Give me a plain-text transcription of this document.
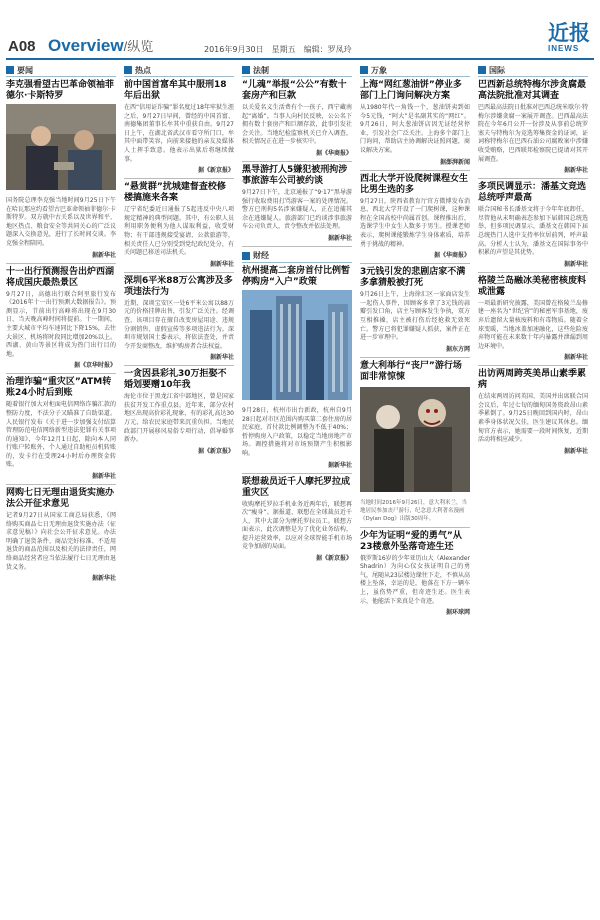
A08 Overview/纵览	2016年9月30日 星期五 编辑：罗凤玲
近报
INEWS
要闻
李克强看望古巴革命领袖菲德尔·卡斯特罗

国务院总理李克强当地时间9月25日下午在哈瓦那应约看望古巴革命领袖菲德尔·卡斯特罗。双方就中古关系以及世界和平、地区热点、粮食安全等共同关心的广泛议题深入交换意见，进行了长时间交谈。李克强全程陪同。

据新华社
十一出行预测报告出炉西湖将成国庆最热景区

9月27日，高德出行联合阿里旅行发布《2016年十一出行预测大数据报告》。预测显示，节前出行高峰将出现在9月30日，当天晚高峰时间将提前。十一期间，主要大城市平均车速同比下降15%，去往大景区、机场将时段同比增加20%以上。西湖、黄山等景区将成为热门出行目的地。

据《京华时报》
治理诈骗“重灾区”ATM转账24小时后到账

随着银行加大对柜面电信网络诈骗汇款的整防力度，不法分子又瞄准了自助渠道。人民银行发布《关于进一步加强支付结算管理防范电信网络新型违法犯罪有关事项的通知》，今年12月1日起，除向本人同行账户转账外，个人通过自助柜员机转账的，发卡行在受理24小时后办理资金转账。

据新华社
网购七日无理由退货实施办法公开征求意见

记者9月27日从国家工商总局获悉，《网络购买商品七日无理由退货实施办法（征求意见稿）》向社会公开征求意见。办法明确了退货条件、商品完好标准、不适用退货的商品范围以及相关的法律责任，网络商品经营者应当依法履行七日无理由退货义务。

据新华社
热点
前中国首富牟其中服刑18年后出狱

在西“信用证诈骗”罪名度过18年牢狱生涯之后，9月27日早间，曾经的中国首富、南德集团董事长牟其中重获自由。9月27日上午，在湖北省武汉市看守所门口，牟其中面带笑容，向前来接他的亲友及媒体人士挥手致意。他表示出狱后将继续做事。

据《新京报》
“悬赏群”扰城建督查校修楼搞施来各案

辽宁省纪委近日通报了5起违反中央八项规定精神的典型问题。其中，有公职人员利用职务便利为他人谋取利益，收受财物；有干部违规接受宴请、公款旅游等，相关责任人已分别受到党纪政纪处分，有关问题已移送司法机关。

据新华社
深圳6平米88万公寓涉及多项违法行为

近期，深圳宝安区一处6平米公寓以88万元的价格挂牌出售，引发广泛关注。经调查，该项目存在擅自改变房屋用途、违规分割销售、虚假宣传等多项违法行为。深圳市规划国土委表示，将依法查处，并责令开发商整改，维护购房者合法权益。

据新华社
一贪因县彩礼30万拒娶不婚划要赠10年我

海伦市位于黑龙江省中部地区，曾是国家扶贫开发工作重点县。近年来，部分农村地区出现高价彩礼现象，有的彩礼高达30万元，给农民家庭带来沉重负担。当地民政部门开展移风易俗专项行动，倡导婚事新办。

据《新京报》
法制
“儿魂”举报“公公”有数十套房产和巨款

以关爱名义生活费有个一孩子，西宁藏南起“离婚”。当事人向村民反映，公公名下拥有数十套房产和巨额存款，此事引发社会关注。当地纪检监察机关已介入调查，相关情况正在进一步核实中。

据《华商报》
黑导游打人5嫌犯被刑拘涉事旅游车公司被约谈

9月27日下午，北京通报了“9·17”黑导游强行收取费用打骂游客一案的处理情况。警方已刑拘5名涉案嫌疑人，正在追捕其余在逃嫌疑人。旅游部门已约谈涉事旅游车公司负责人，责令整改并依法处理。

据新华社
财经
杭州提高二套房首付比例暂停购房“入户”政策

9月28日，杭州市出台新政，杭州自9月28日起对市区范围内购买第二套住房的居民家庭，首付款比例调整为不低于40%；暂停购房入户政策，以稳定当地房地产市场。调控措施将对市场预期产生积极影响。

据新华社
联想裁员近千人摩托罗拉成重灾区

收购摩托罗拉手机业务近两年后，联想再次“瘦身”。据报道，联想在全球裁员近千人，其中大部分为摩托罗拉员工。联想方面表示，此次调整是为了优化业务结构，提升运营效率，以应对全球智能手机市场竞争加剧的局面。

据《新京报》
万象
上海“网红葱油饼”停业多部门上门询问解决方案

从1980年代一角钱一个，葱油饼卖到如今5元钱，“阿大”是名副其实的“网红”。9月26日，阿大葱油饼店因无证经营停业，引发社会广泛关注。上海多个部门上门询问，帮助店主协调解决证照问题，商议解决方案。

据澎湃新闻
西北大学开设爬树课程女生比男生选的多

9月27日，陕西省教育厅官方微博发布消息，西北大学开设了一门爬树课，这种课程在全国高校中尚属首创。课程推出后，选课学生中女生人数多于男生。授课老师表示，爬树课能锻炼学生身体素质，培养勇于挑战的精神。

据《华商报》
3元钱引发的悲剧店家不满多拿猜般被打死

9月26日上午，上海徐汇区一家面店发生一起伤人事件，因顾客多拿了3元钱的蒜瓣引发口角，店主与顾客发生争执，双方互相推搡，店主被打伤后经抢救无效死亡。警方已将犯罪嫌疑人抓获，案件正在进一步审理中。

据东方网
意大利举行“丧尸”游行场面非常惊悚

当地时间2016年9月26日，意大利米兰，当地居民参加丧尸游行，纪念意大利著名漫画《Dylan Dog》出版30周年。

少年为证明“爱的勇气”从23楼意外坠落奇迹生还

俄罗斯16岁的少年亚历山大（Alexander Shadrin）为向心仪女孩证明自己的勇气，尾随从23层楼边缘往下走，不慎从高楼上坠落，幸运的是，他落在下方一辆车上，虽伤势严重，但奇迹生还。医生表示，他能活下来真是个奇迹。

据环球网
国际
巴西新总统特梅尔涉贪腐最高法院批准对其调查

巴西最高法院日批准对巴西总统米歇尔·特梅尔涉嫌贪腐一案展开调查。巴西最高法院在今年6月公开一份涉及从事前总统罗塞夫与特梅尔为竞选筹集资金的证词，证词称特梅尔在巴西石油公司腐败案中涉嫌收受贿赂，巴西联邦检察院已提请对其开展调查。

据新华社
多项民调显示：潘基文竞选总统呼声最高

联合国秘书长潘基文将于今年年底卸任，尽管他从未明确表态参加下届韩国总统选举，但多项民调显示，潘基文在韩国下届总统热门人选中支持率位居前列，呼声最高。分析人士认为，潘基文在国际事务中积累的声望是其优势。

据新华社
格陵兰岛融冰美秘密核废料或泄露

一项最新研究披露，美国曾在格陵兰岛修建一座名为“世纪营”的秘密军事基地，废弃后遗留大量核废料和有毒物质。随着全球变暖，当地冰盖加速融化，这些危险废弃物可能在未来数十年内暴露并泄漏到周边环境中。

据新华社
出访两周跨英美昂山素季累病

在结束两周访问英国、美国并出席联合国会议后，年过七旬的缅甸国务资政昂山素季累倒了。9月25日晚回到国内时，昂山素季身体状况欠佳，医生建议其休息。缅甸官方表示，她需要一段时间恢复，近期活动将相应减少。

据新华社
